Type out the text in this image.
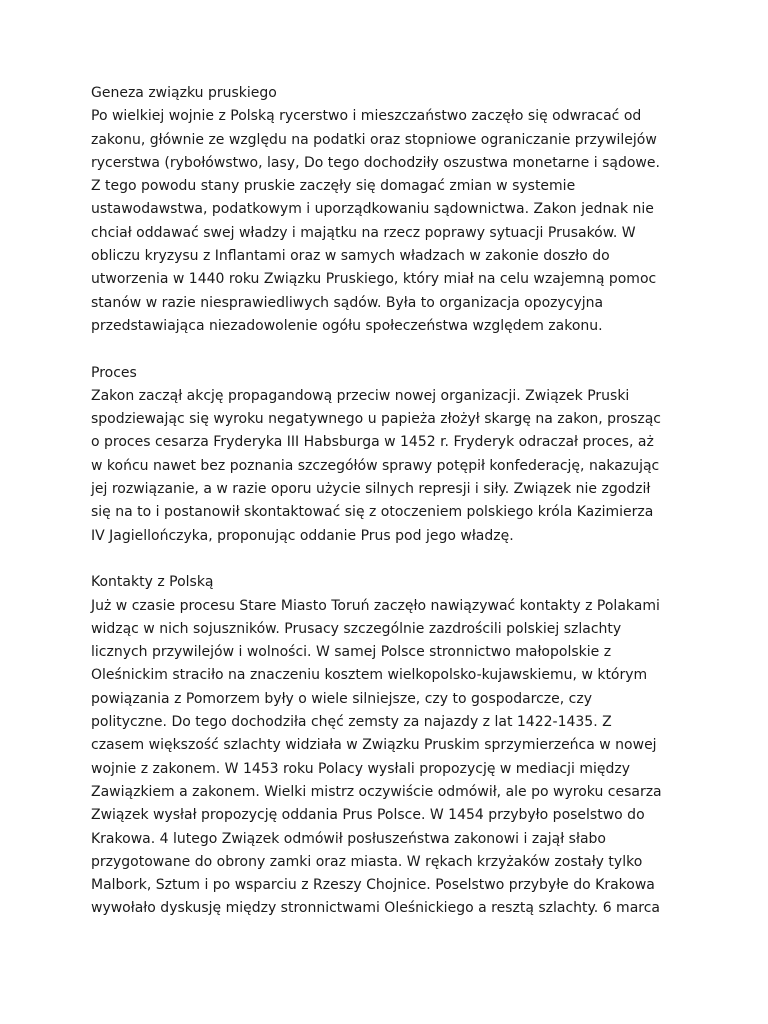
Geneza związku pruskiego
Po wielkiej wojnie z Polską rycerstwo i mieszczaństwo zaczęło się odwracać od
zakonu, głównie ze względu na podatki oraz stopniowe ograniczanie przywilejów
rycerstwa (rybołówstwo, lasy, Do tego dochodziły oszustwa monetarne i sądowe.
Z tego powodu stany pruskie zaczęły się domagać zmian w systemie
ustawodawstwa, podatkowym i uporządkowaniu sądownictwa. Zakon jednak nie
chciał oddawać swej władzy i majątku na rzecz poprawy sytuacji Prusaków. W
obliczu kryzysu z Inflantami oraz w samych władzach w zakonie doszło do
utworzenia w 1440 roku Związku Pruskiego, który miał na celu wzajemną pomoc
stanów w razie niesprawiedliwych sądów. Była to organizacja opozycyjna
przedstawiająca niezadowolenie ogółu społeczeństwa względem zakonu.
Proces
Zakon zaczął akcję propagandową przeciw nowej organizacji. Związek Pruski
spodziewając się wyroku negatywnego u papieża złożył skargę na zakon, prosząc
o proces cesarza Fryderyka III Habsburga w 1452 r. Fryderyk odraczał proces, aż
w końcu nawet bez poznania szczegółów sprawy potępił konfederację, nakazując
jej rozwiązanie, a w razie oporu użycie silnych represji i siły. Związek nie zgodził
się na to i postanowił skontaktować się z otoczeniem polskiego króla Kazimierza
IV Jagiellończyka, proponując oddanie Prus pod jego władzę.
Kontakty z Polską
Już w czasie procesu Stare Miasto Toruń zaczęło nawiązywać kontakty z Polakami
widząc w nich sojuszników. Prusacy szczególnie zazdrościli polskiej szlachty
licznych przywilejów i wolności. W samej Polsce stronnictwo małopolskie z
Oleśnickim straciło na znaczeniu kosztem wielkopolsko-kujawskiemu, w którym
powiązania z Pomorzem były o wiele silniejsze, czy to gospodarcze, czy
polityczne. Do tego dochodziła chęć zemsty za najazdy z lat 1422-1435. Z
czasem większość szlachty widziała w Związku Pruskim sprzymierzeńca w nowej
wojnie z zakonem. W 1453 roku Polacy wysłali propozycję w mediacji między
Zawiązkiem a zakonem. Wielki mistrz oczywiście odmówił, ale po wyroku cesarza
Związek wysłał propozycję oddania Prus Polsce. W 1454 przybyło poselstwo do
Krakowa. 4 lutego Związek odmówił posłuszeństwa zakonowi i zajął słabo
przygotowane do obrony zamki oraz miasta. W rękach krzyżaków zostały tylko
Malbork, Sztum i po wsparciu z Rzeszy Chojnice. Poselstwo przybyłe do Krakowa
wywołało dyskusję między stronnictwami Oleśnickiego a resztą szlachty. 6 marca
